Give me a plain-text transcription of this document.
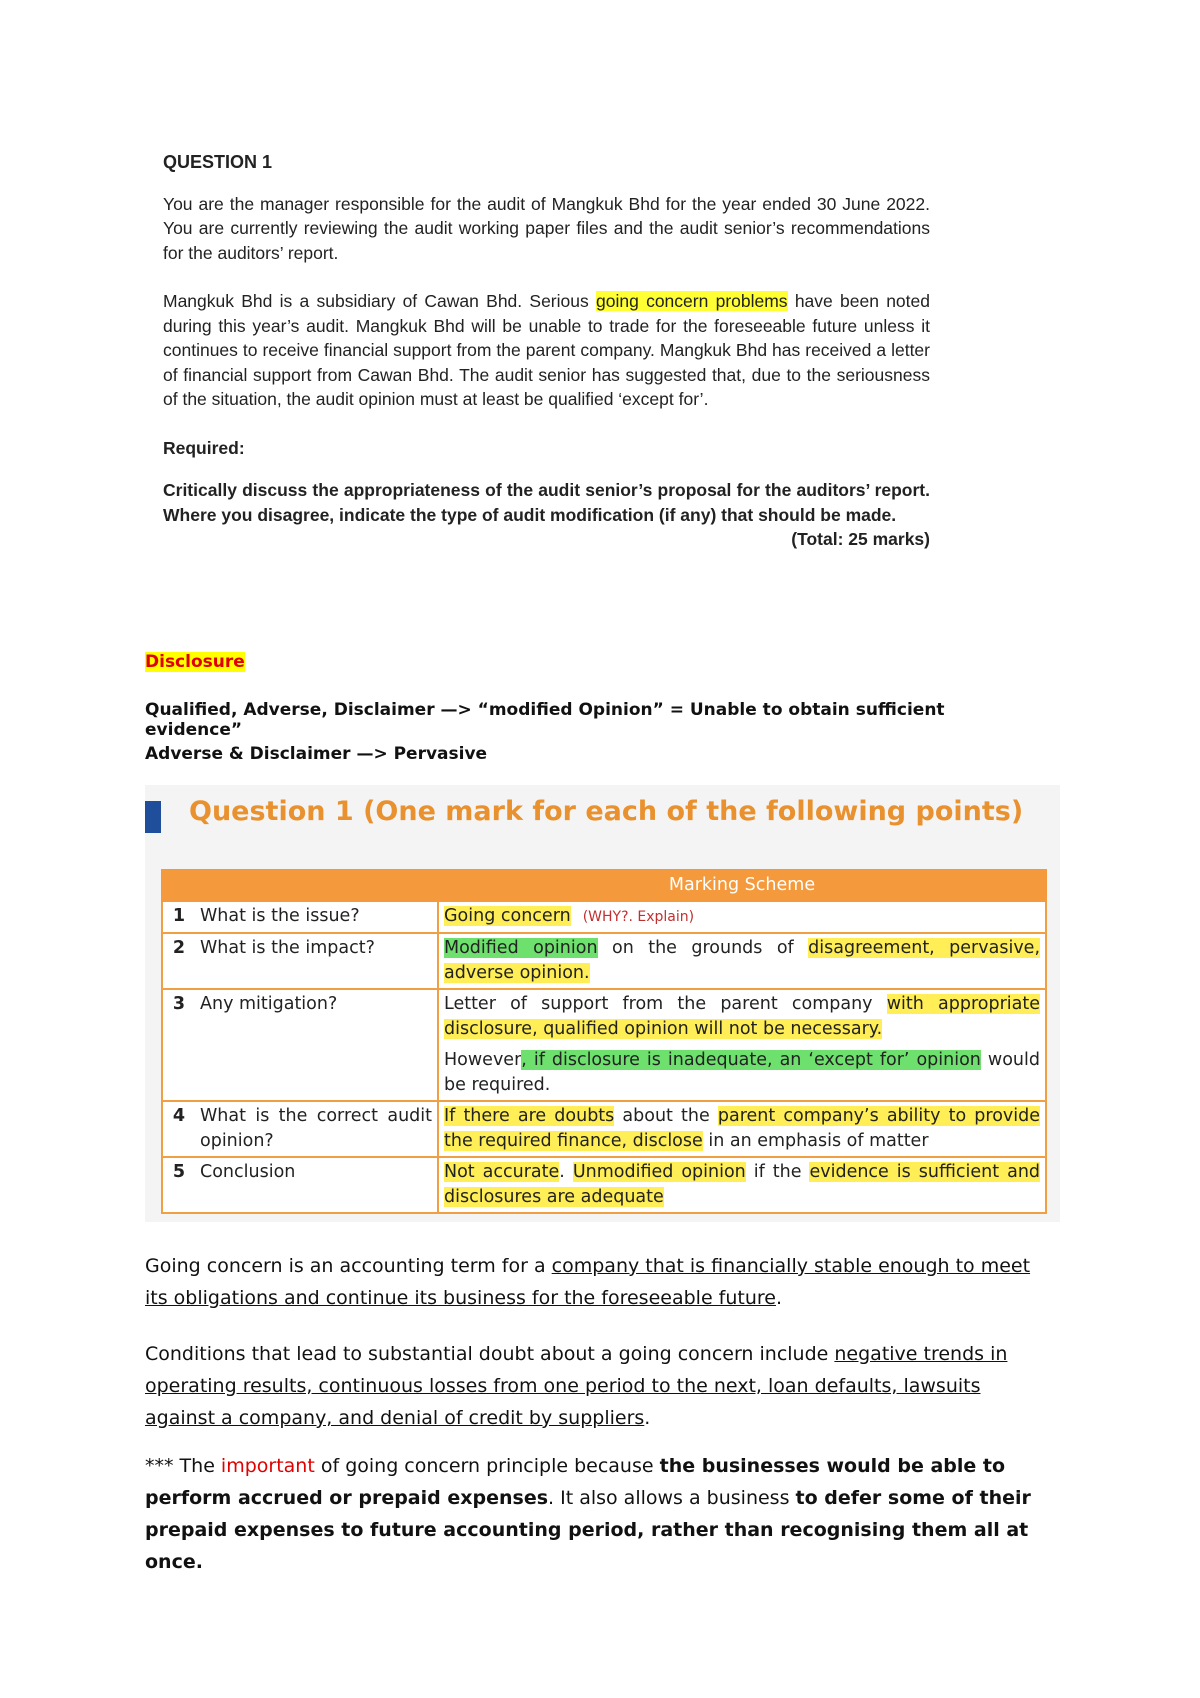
QUESTION 1

You are the manager responsible for the audit of Mangkuk Bhd for the year ended 30 June 2022. You are currently reviewing the audit working paper files and the audit senior’s recommendations for the auditors’ report.

Mangkuk Bhd is a subsidiary of Cawan Bhd. Serious going concern problems have been noted during this year’s audit. Mangkuk Bhd will be unable to trade for the foreseeable future unless it continues to receive financial support from the parent company. Mangkuk Bhd has received a letter of financial support from Cawan Bhd. The audit senior has suggested that, due to the seriousness of the situation, the audit opinion must at least be qualified ‘except for’.

Required:

Critically discuss the appropriateness of the audit senior’s proposal for the auditors’ report. Where you disagree, indicate the type of audit modification (if any) that should be made.

(Total: 25 marks)

Disclosure
Qualified, Adverse, Disclaimer —> “modified Opinion” = Unable to obtain sufficient evidence”
Adverse & Disclaimer —> Pervasive
Question 1 (One mark for each of the following points)
		Marking Scheme
1	What is the issue?	Going concern (WHY?. Explain)
2	What is the impact?	Modified opinion on the grounds of disagreement, pervasive, adverse opinion.
3	Any mitigation?	Letter of support from the parent company with appropriate disclosure, qualified opinion will not be necessary.
However, if disclosure is inadequate, an ‘except for’ opinion would be required.

4	What is the correct audit opinion?	If there are doubts about the parent company’s ability to provide the required finance, disclose in an emphasis of matter
5	Conclusion	Not accurate. Unmodified opinion if the evidence is sufficient and disclosures are adequate
Going concern is an accounting term for a company that is financially stable enough to meet its obligations and continue its business for the foreseeable future.
Conditions that lead to substantial doubt about a going concern include negative trends in operating results, continuous losses from one period to the next, loan defaults, lawsuits against a company, and denial of credit by suppliers.
*** The important of going concern principle because the businesses would be able to perform accrued or prepaid expenses. It also allows a business to defer some of their prepaid expenses to future accounting period, rather than recognising them all at once.
